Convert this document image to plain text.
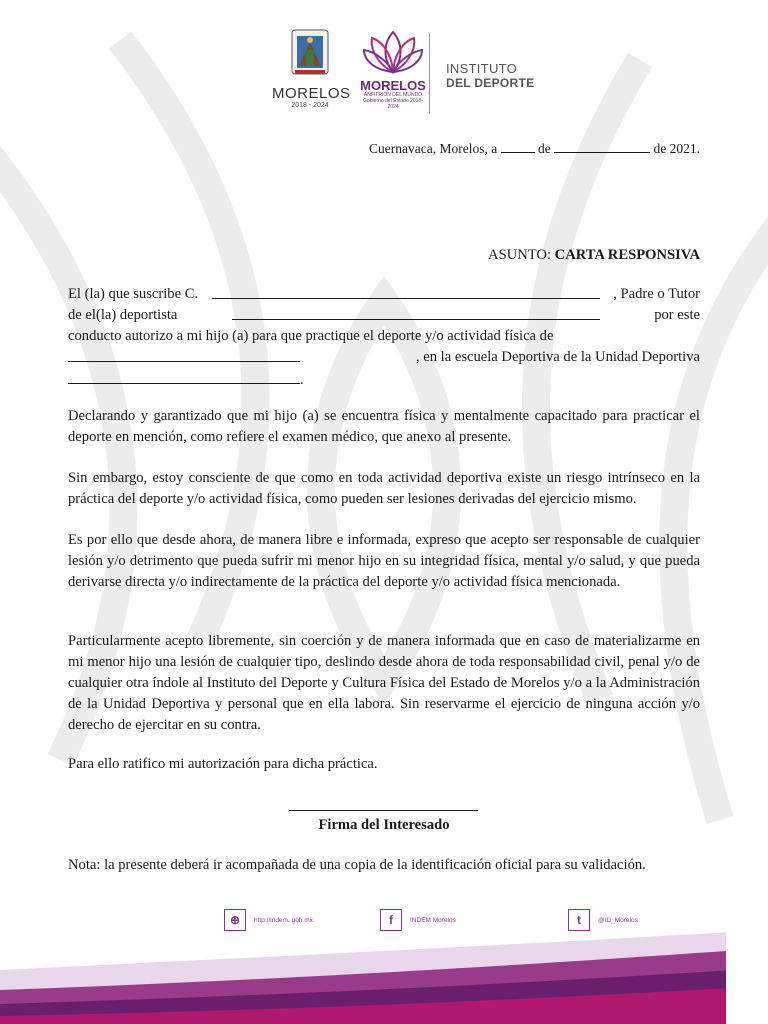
MORELOS
2018 - 2024
MORELOS
ANFITRIÓN DEL MUNDO
Gobierno del Estado 2018-2024
INSTITUTO
DEL DEPORTE
Cuernavaca, Morelos, a	de	de 2021.
ASUNTO: CARTA RESPONSIVA
El (la) que suscribe C.	, Padre o Tutor
de el(la) deportista	por este
conducto autorizo a mi hijo (a) para que practique el deporte y/o actividad física de
, en la escuela Deportiva de la Unidad Deportiva
.
Declarando y garantizado que mi hijo (a) se encuentra física y mentalmente capacitado para practicar el deporte en mención, como refiere el examen médico, que anexo al presente.
Sin embargo, estoy consciente de que como en toda actividad deportiva existe un riesgo intrínseco en la práctica del deporte y/o actividad física, como pueden ser lesiones derivadas del ejercicio mismo.
Es por ello que desde ahora, de manera libre e informada, expreso que acepto ser responsable de cualquier lesión y/o detrimento que pueda sufrir mi menor hijo en su integridad física, mental y/o salud, y que pueda derivarse directa y/o indirectamente de la práctica del deporte y/o actividad física mencionada.
Particularmente acepto libremente, sin coerción y de manera informada que en caso de materializarme en mi menor hijo una lesión de cualquier tipo, deslindo desde ahora de toda responsabilidad civil, penal y/o de cualquier otra índole al Instituto del Deporte y Cultura Física del Estado de Morelos y/o a la Administración de la Unidad Deportiva y personal que en ella labora. Sin reservarme el ejercicio de ninguna acción y/o derecho de ejercitar en su contra.
Para ello ratifico mi autorización para dicha práctica.
Firma del Interesado
Nota: la presente deberá ir acompañada de una copia de la identificación oficial para su validación.
⊕	http://indem. gob.mx	f	INDEM Morelos	t	@ID_Morelos
